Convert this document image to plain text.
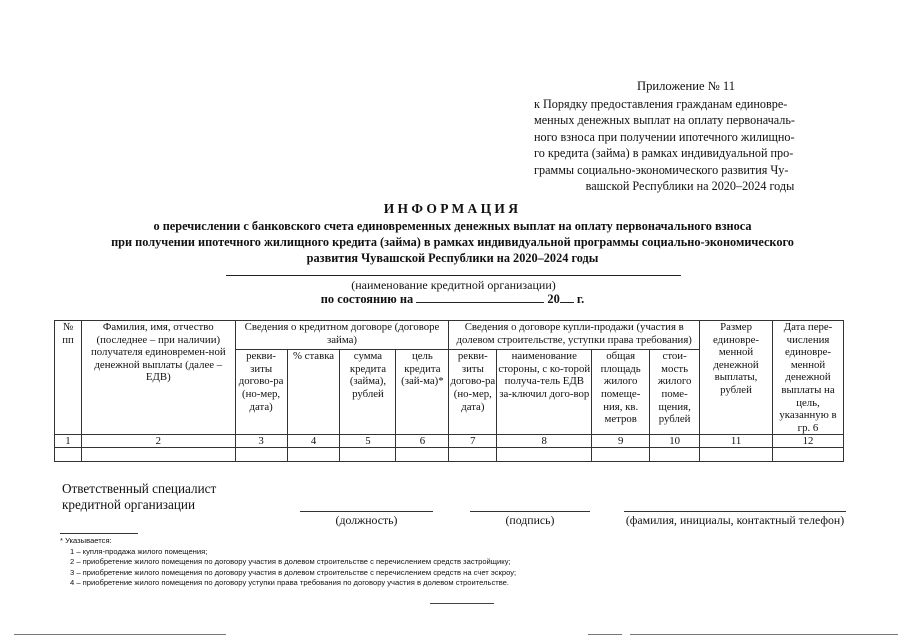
Приложение № 11
к Порядку предоставления гражданам единовре-
менных денежных выплат на оплату первоначаль-
ного взноса при получении ипотечного жилищно-
го кредита (займа) в рамках индивидуальной про-
граммы социально-экономического развития Чу-
вашской Республики на 2020–2024 годы
ИНФОРМАЦИЯ
о перечислении с банковского счета единовременных денежных выплат на оплату первоначального взноса
при получении ипотечного жилищного кредита (займа) в рамках индивидуальной программы социально-экономического
развития Чувашской Республики на 2020–2024 годы
(наименование кредитной организации)
по состоянию на	20 г.
№ пп	Фамилия, имя, отчество (последнее – при наличии) получателя единовремен-ной денежной выплаты (далее – ЕДВ)	Сведения о кредитном договоре (договоре займа)				Сведения о договоре купли-продажи (участия в долевом строительстве, уступки права требования)				Размер единовре-менной денежной выплаты, рублей	Дата пере-числения единовре-менной денежной выплаты на цель, указанную в гр. 6
		рекви-зиты догово-ра (но-мер, дата)	% ставка	сумма кредита (займа), рублей	цель кредита (зай-ма)*	рекви-зиты догово-ра (но-мер, дата)	наименование стороны, с ко-торой получа-тель ЕДВ за-ключил дого-вор	общая площадь жилого помеще-ния, кв. метров	стои-мость жилого поме-щения, рублей		
1	2	3	4	5	6	7	8	9	10	11	12

Ответственный специалист
кредитной организации
(должность)	(подпись)	(фамилия, инициалы, контактный телефон)
* Указывается:
1 – купля-продажа жилого помещения;
2 – приобретение жилого помещения по договору участия в долевом строительстве с перечислением средств застройщику;
3 – приобретение жилого помещения по договору участия в долевом строительстве с перечислением средств на счет эскроу;
4 – приобретение жилого помещения по договору уступки права требования по договору участия в долевом строительстве.
